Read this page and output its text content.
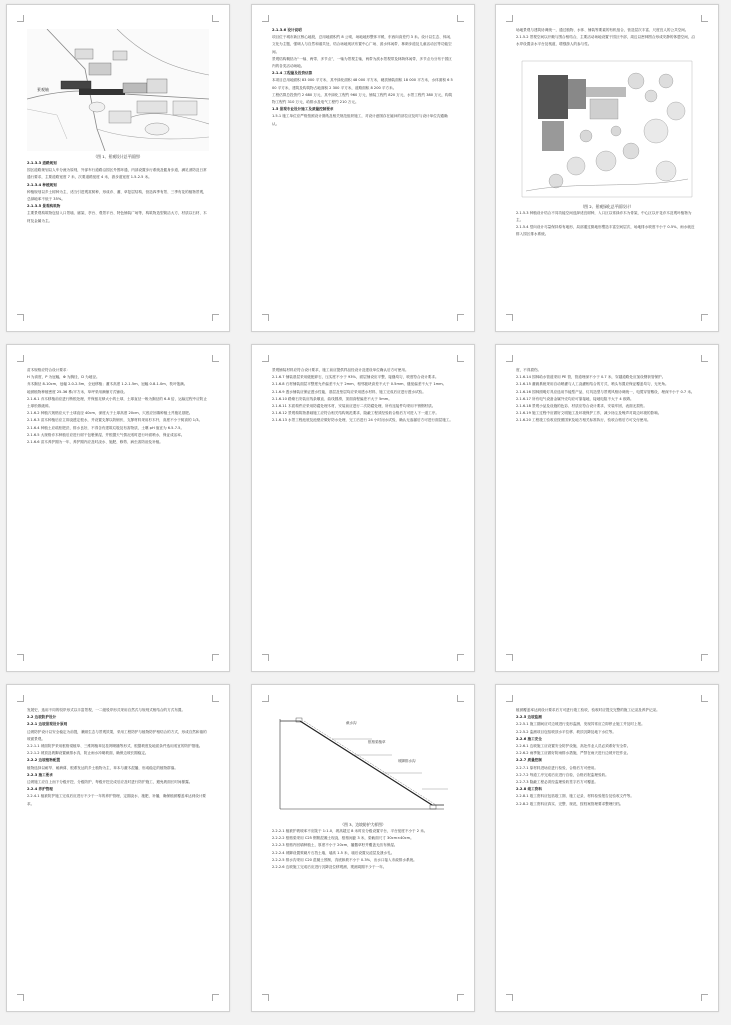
景观轴
（图 1、景观设计总平面图）

2.1.3.3 道路规划

园区道路规划以人车分流为原则，外部车行道路沿园区外围环通，内部设置步行系统及健身步道，满足消防及日常通行要求，主要道路宽度 7 米，次要道路宽度 4 米，游步道宽度 1.5-2.5 米。

2.1.3.4 种植规划

种植规划以乡土树种为主，适当引进观赏树种，形成乔、灌、草复层结构，营造四季有景、三季有花的植物景观，总绿地率不低于 35%。

2.1.3.5 景观构筑物

主要景观构筑物包括入口景墙、廊架、亭台、观景平台、特色铺装广场等，构筑物造型简洁大方，材质以石材、木材及金属为主。

2.1.3.6 设计说明

项目位于城市新区核心地段，总用地面积约 8 公顷，场地地形整体平缓，东西向高差约 3 米。设计以生态、休闲、文化为主题，强调人与自然和谐共处，结合场地现状布置中心广场、滨水休闲带、林荫步道及儿童活动区等功能空间。

景观结构概括为“一轴、两带、多节点”，一轴为景观主轴，两带为滨水景观带及林荫休闲带，多节点为分布于园区内的各类活动场地。

2.1.4 工程量及投资估算

本项目总用地面积 83 000 平方米，其中绿化面积 48 000 平方米，硬质铺装面积 18 000 平方米，水体面积 6 500 平方米，建筑及构筑物占地面积 2 300 平方米，道路面积 8 200 平方米。

工程估算总投资约 2 680 万元，其中绿化工程约 960 万元，铺装工程约 820 万元，水景工程约 380 万元，构筑物工程约 310 万元，给排水及电气工程约 210 万元。

1.5 景观专业设计施工及质量控制要求

1.5.1 施工单位应严格按照设计图纸及相关规范组织施工，对设计意图存在疑问的部位应及时与设计单位沟通确认。

场地景观与建筑协调统一，通过植物、水体、铺装等要素的有机组合，营造层次丰富、尺度宜人的公共空间。

2.1.5.2 景观空间以开敞与围合相结合，主要活动场地设置于园区中部，周边以密林围合形成安静的休憩空间，沿水岸设置亲水平台及栈道，增强游人的参与性。

（图 2、景观绿化总平面设计）

2.1.5.3 种植设计结合不同功能空间选择适宜树种，入口区以常绿乔木为骨架，中心区以开花乔木及观叶植物为主。

2.1.5.4 竖向设计尽量保持原有地形，局部通过微地形塑造丰富空间层次，场地排水坡度不小于 0.5%，雨水就近排入园区排水系统。

苗木规格应符合设计要求：

H 为高度，P 为冠幅，Φ 为胸径，D 为地径。

乔木胸径 8-10cm，冠幅 2.0-2.5m，全冠移植；灌木高度 1.2-1.5m，冠幅 0.8-1.0m，枝叶饱满。

地被植物种植密度 25-36 株/平方米，草坪采用满铺方式铺设。

2.1.6.1 乔木移植前应进行断根处理，并保留足够大小的土球，土球直径一般为胸径的 6-8 倍，运输过程中应防止土球松散破碎。

2.1.6.2 种植穴规格应大于土球直径 40cm，深度大于土球高度 20cm，穴底应回填种植土并施足基肥。

2.1.6.3 苗木种植后应立即浇透定根水，并设置支撑以防倒伏，支撑材料采用杉木杆，高度不小于树高的 1/3。

2.1.6.4 种植土应疏松肥沃、排水良好，不得含有建筑垃圾及有害物质，土壤 pH 值宜为 6.5-7.5。

2.1.6.5 大规格乔木种植后应进行树干包裹保湿，并根据天气情况适时进行叶面喷水，保证成活率。

2.1.6.6 苗木养护期为一年，养护期内应及时浇水、施肥、修剪、病虫害防治及补植。

景观铺装材料应符合设计要求，施工前应提供样品经设计及建设单位确认后方可使用。

2.1.6.7 铺装基层采用级配碎石，压实度不小于 93%，面层铺设应平整，接缝均匀，坡度符合设计要求。

2.1.6.8 石材铺装面层平整度允许偏差不大于 2mm，相邻板块高差不大于 0.5mm，缝宽偏差不大于 1mm。

2.1.6.9 透水铺装应保证透水性能，基层及垫层均应采用透水材料，施工完成后应进行透水试验。

2.1.6.10 路缘石安装应线条顺直、曲线圆滑，顶面高程偏差不大于 5mm。

2.1.6.11 木质构件应采用防腐处理木材，安装前应进行二次防腐处理，所有连接件均采用不锈钢材质。

2.1.6.12 景观构筑物基础施工应符合相关结构规范要求，隐蔽工程须经验收合格后方可进入下一道工序。

2.1.6.13 水景工程池底及池壁应做好防水处理，完工后进行 24 小时闭水试验，确认无渗漏后方可进行面层施工。

度，不得损伤。

2.1.6.14 园林给水管道采用 PE 管，管道埋深不小于 0.7 米，穿越道路处应加设钢套管保护。

2.1.6.15 灌溉系统采用自动喷灌与人工浇灌相结合的方式，喷头布置应保证覆盖均匀，无死角。

2.1.6.16 园林照明灯具应选用节能型产品，灯具造型与景观风格协调统一，电缆穿管敷设，埋深不小于 0.7 米。

2.1.6.17 所有电气设备金属外壳均应可靠接地，接地电阻不大于 4 欧姆。

2.1.6.18 景观小品及设施的色彩、材质应符合设计要求，安装牢固，表面无损伤。

2.1.6.19 施工过程中应做好文明施工及环境保护工作，减少扬尘及噪声对周边环境的影响。

2.1.6.20 工程竣工验收应按照国家及地方相关标准执行，验收合格后方可交付使用。

发展史，选用不同的驳岸形式以丰富景观，一二级驳岸形式采用自然式与规则式相结合的方式布置。

2.2 边坡防护设计

2.2.1 边坡景观设计原则

边坡防护设计以安全稳定为前提，兼顾生态与景观效果，采用工程防护与植物防护相结合的方式，形成自然和谐的坡面景观。

2.2.1.1 坡面防护采用框格梁植草、三维网植草及挂网喷播等形式，根据坡度及地质条件选用适宜的防护措施。

2.2.1.2 坡顶及坡脚设置截排水沟，防止雨水冲刷坡面，确保边坡长期稳定。

2.2.2 边坡植物配置

植物选择以耐旱、耐瘠薄、根系发达的乡土植物为主，草本与灌木混播，形成稳定的植物群落。

2.2.3 施工要求

边坡施工应自上而下分级开挖、分级防护，每级开挖完成后应及时进行防护施工，避免坡面长时间暴露。

2.2.4 养护管理

2.2.4.1 植被防护施工完成后应进行不少于一年的养护管理，定期浇水、施肥、补播，确保植被覆盖率达到设计要求。

截水沟
框格梁植草
坡脚排水沟
（图 3、边坡防护大样图）

2.2.2.1 植被护坡坡率不应陡于 1:1.0，坡高超过 8 米时应分级设置平台，平台宽度不小于 2 米。

2.2.2.2 框格梁采用 C25 钢筋混凝土现浇，框格间距 3 米，梁截面尺寸 30cm×40cm。

2.2.2.3 框格内回填种植土，厚度不小于 20cm，播撒草籽并覆盖无纺布保湿。

2.2.2.4 坡脚设置浆砌片石挡土墙，墙高 1.5 米，墙后设置反滤层及泄水孔。

2.2.2.5 排水沟采用 C20 混凝土预制，沟底纵坡不小于 0.3%，出水口接入市政排水系统。

2.2.2.6 边坡施工完成后应进行沉降及位移观测，观测周期不少于一年。

植被覆盖率达到设计要求后方可进行竣工验收，验收时应提交完整的施工记录及养护记录。

2.2.5 边坡监测

2.2.5.1 施工期间应对边坡进行变形监测，发现异常应立即停止施工并及时上报。

2.2.5.2 监测项目包括坡顶水平位移、坡顶沉降及地下水位等。

2.2.6 施工安全

2.2.6.1 边坡施工应设置安全防护设施，高处作业人员必须系好安全带。

2.2.6.2 雨季施工应做好防雨排水措施，严禁在雨天进行边坡开挖作业。

2.2.7 质量控制

2.2.7.1 原材料进场应进行检验，合格后方可使用。

2.2.7.2 每道工序完成后应进行自检，合格后报监理验收。

2.2.7.3 隐蔽工程必须经监理验收签字后方可覆盖。

2.2.8 竣工资料

2.2.8.1 竣工资料应包括竣工图、施工记录、材料检验报告及验收文件等。

2.2.8.2 竣工资料应真实、完整、规范，按档案管理要求整理归档。
